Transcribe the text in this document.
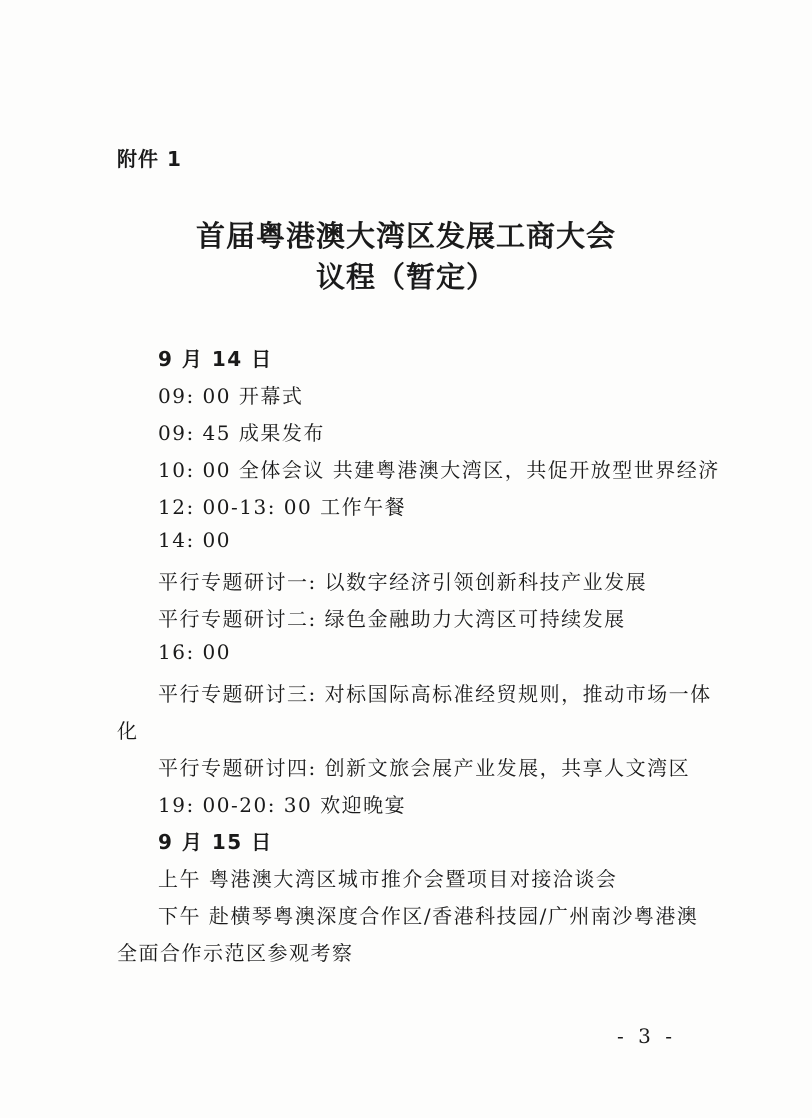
附件 1
首届粤港澳大湾区发展工商大会
议程（暂定）
9 月 14 日
09: 00 开幕式
09: 45 成果发布
10: 00 全体会议 共建粤港澳大湾区，共促开放型世界经济
12: 00-13: 00 工作午餐
14: 00
平行专题研讨一: 以数字经济引领创新科技产业发展
平行专题研讨二: 绿色金融助力大湾区可持续发展
16: 00
平行专题研讨三: 对标国际高标准经贸规则，推动市场一体
化
平行专题研讨四: 创新文旅会展产业发展，共享人文湾区
19: 00-20: 30 欢迎晚宴
9 月 15 日
上午 粤港澳大湾区城市推介会暨项目对接洽谈会
下午 赴横琴粤澳深度合作区/香港科技园/广州南沙粤港澳
全面合作示范区参观考察
- 3 -
